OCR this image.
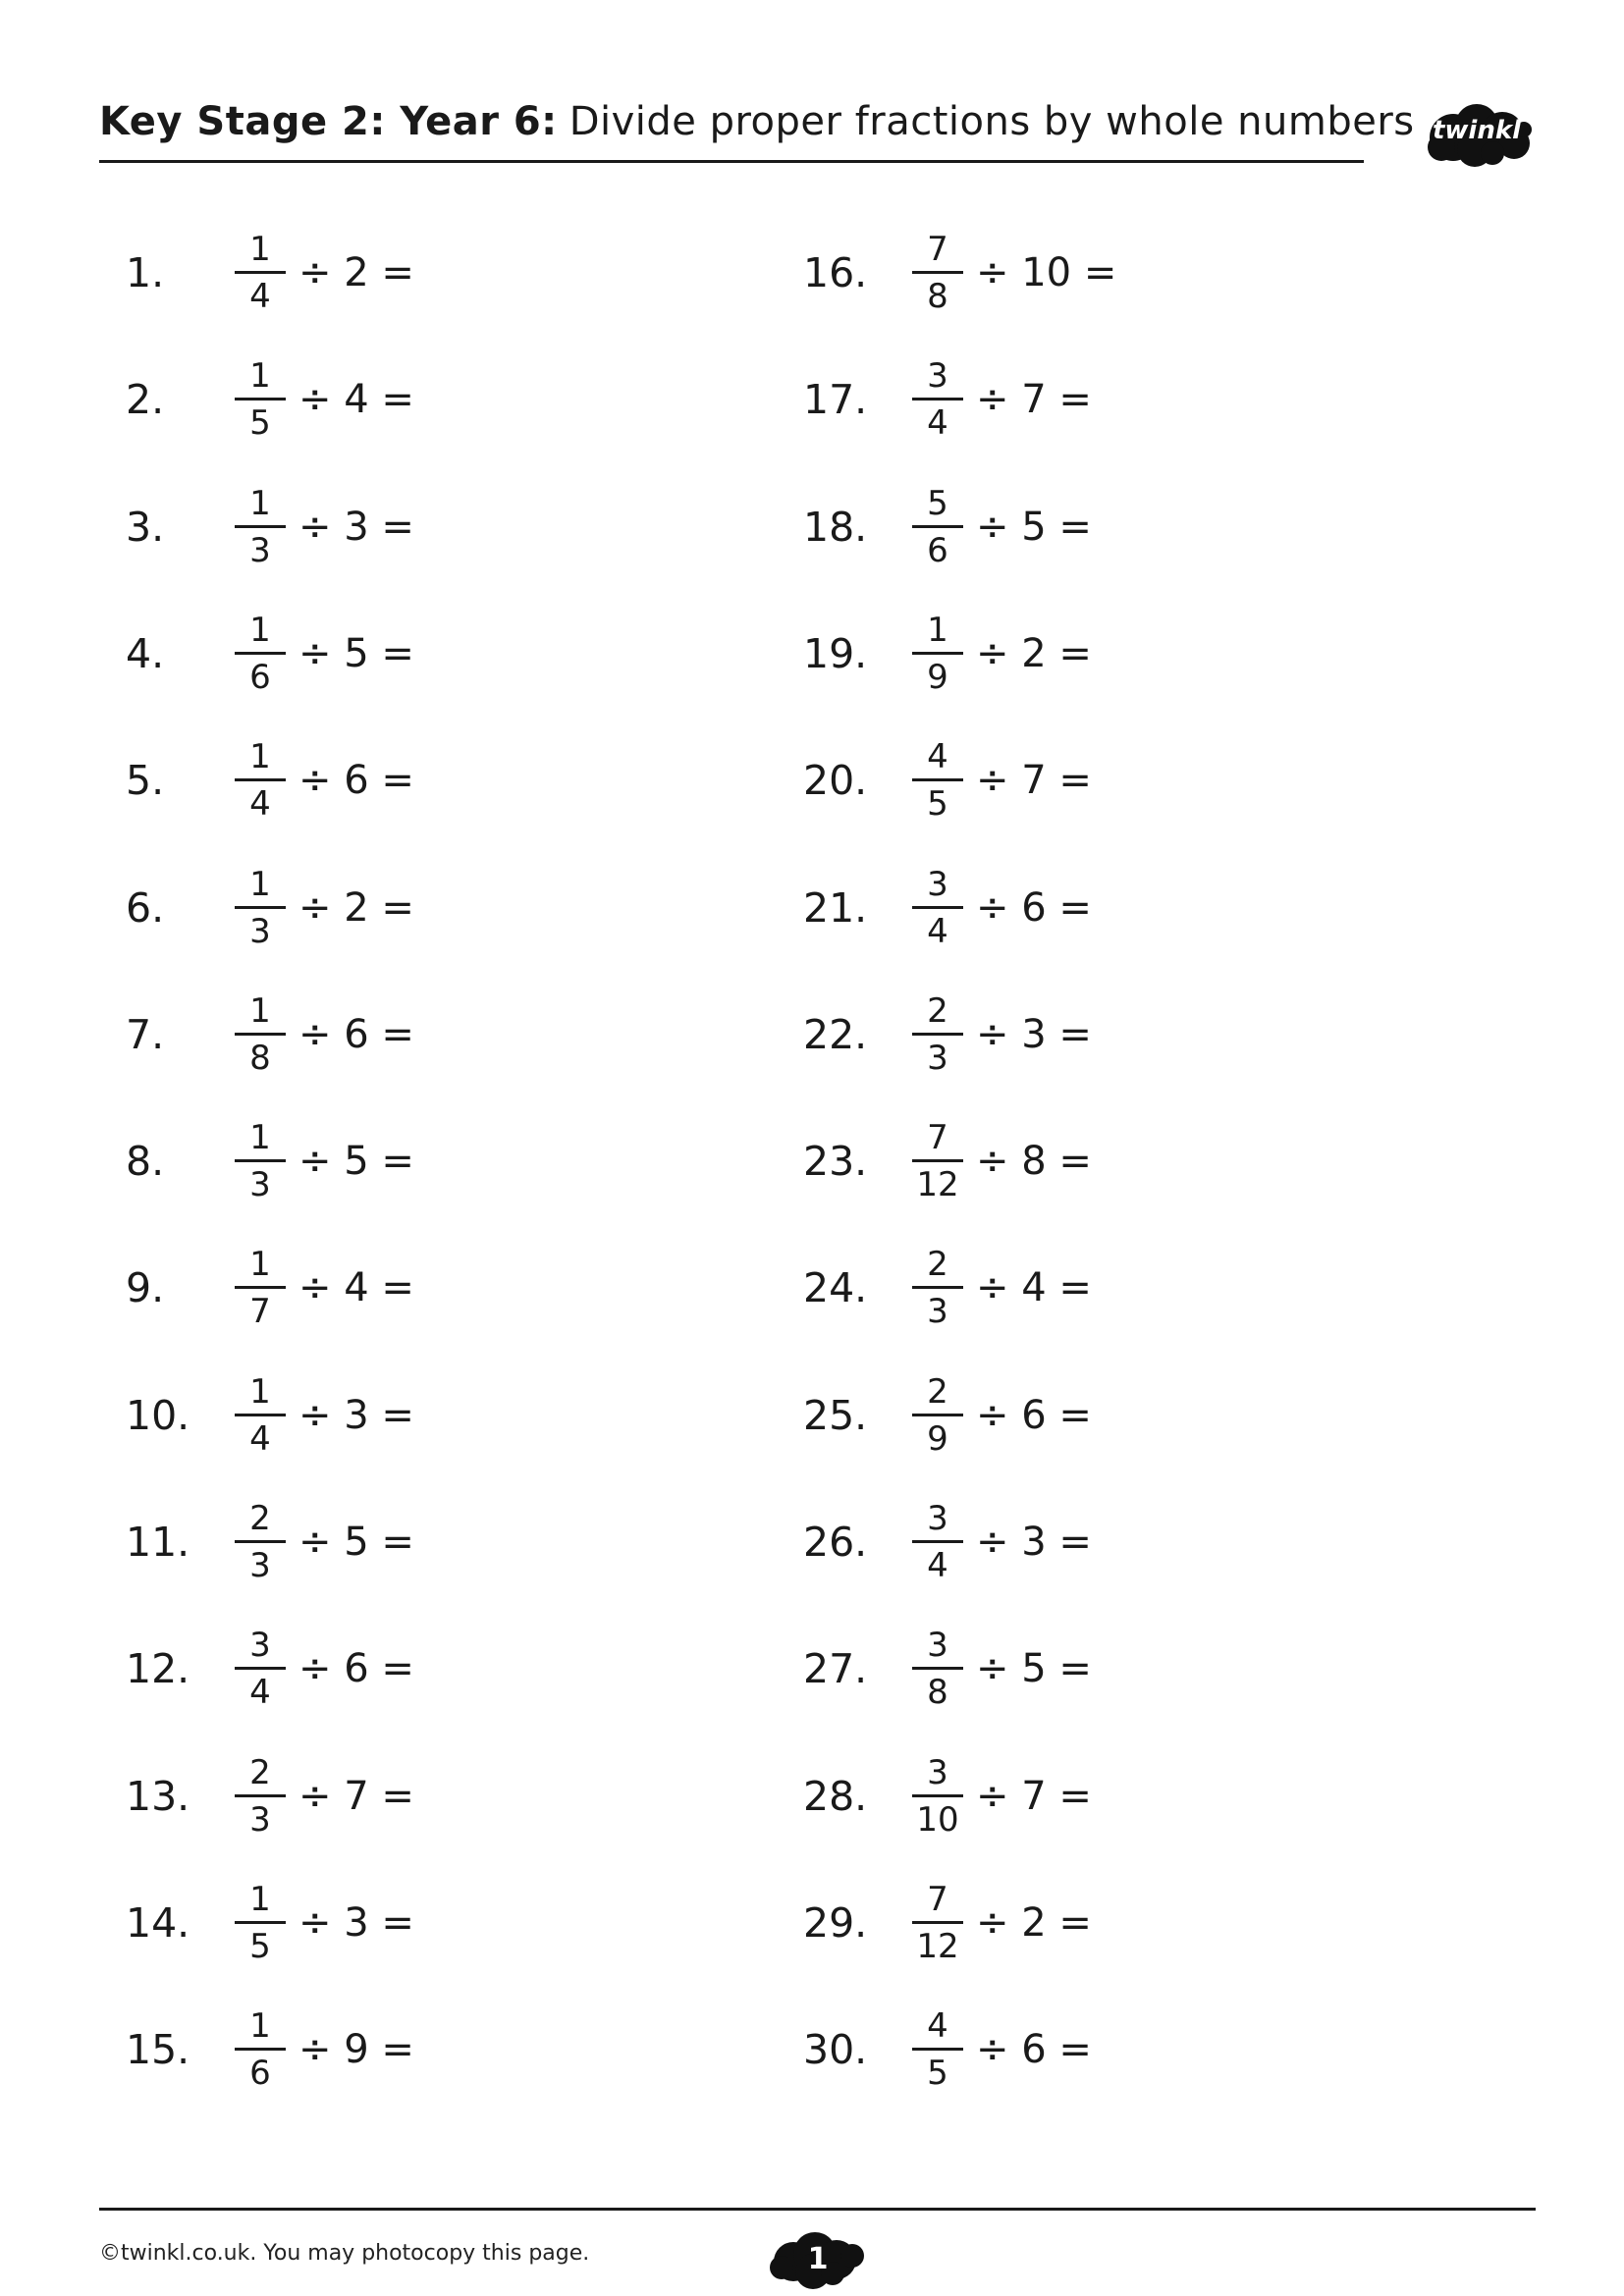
Key Stage 2: Year 6: Divide proper fractions by whole numbers twinkl
1.	$\frac{1}{4} \div 2$ =
2.	$\frac{1}{5} \div 4$ =
3.	$\frac{1}{3} \div 3$ =
4.	$\frac{1}{6} \div 5$ =
5.	$\frac{1}{4} \div 6$ =
6.	$\frac{1}{3} \div 2$ =
7.	$\frac{1}{8} \div 6$ =
8.	$\frac{1}{3} \div 5$ =
9.	$\frac{1}{7} \div 4$ =
10.	$\frac{1}{4} \div 3$ =
11.	$\frac{2}{3} \div 5$ =
12.	$\frac{3}{4} \div 6$ =
13.	$\frac{2}{3} \div 7$ =
14.	$\frac{1}{5} \div 3$ =
15.	$\frac{1}{6} \div 9$ =
16.	$\frac{7}{8} \div 10$ =
17.	$\frac{3}{4} \div 7$ =
18.	$\frac{5}{6} \div 5$ =
19.	$\frac{1}{9} \div 2$ =
20.	$\frac{4}{5} \div 7$ =
21.	$\frac{3}{4} \div 6$ =
22.	$\frac{2}{3} \div 3$ =
23.	$\frac{7}{12} \div 8$ =
24.	$\frac{2}{3} \div 4$ =
25.	$\frac{2}{9} \div 6$ =
26.	$\frac{3}{4} \div 3$ =
27.	$\frac{3}{8} \div 5$ =
28.	$\frac{3}{10} \div 7$ =
29.	$\frac{7}{12} \div 2$ =
30.	$\frac{4}{5} \div 6$ =
©twinkl.co.uk. You may photocopy this page.	1
